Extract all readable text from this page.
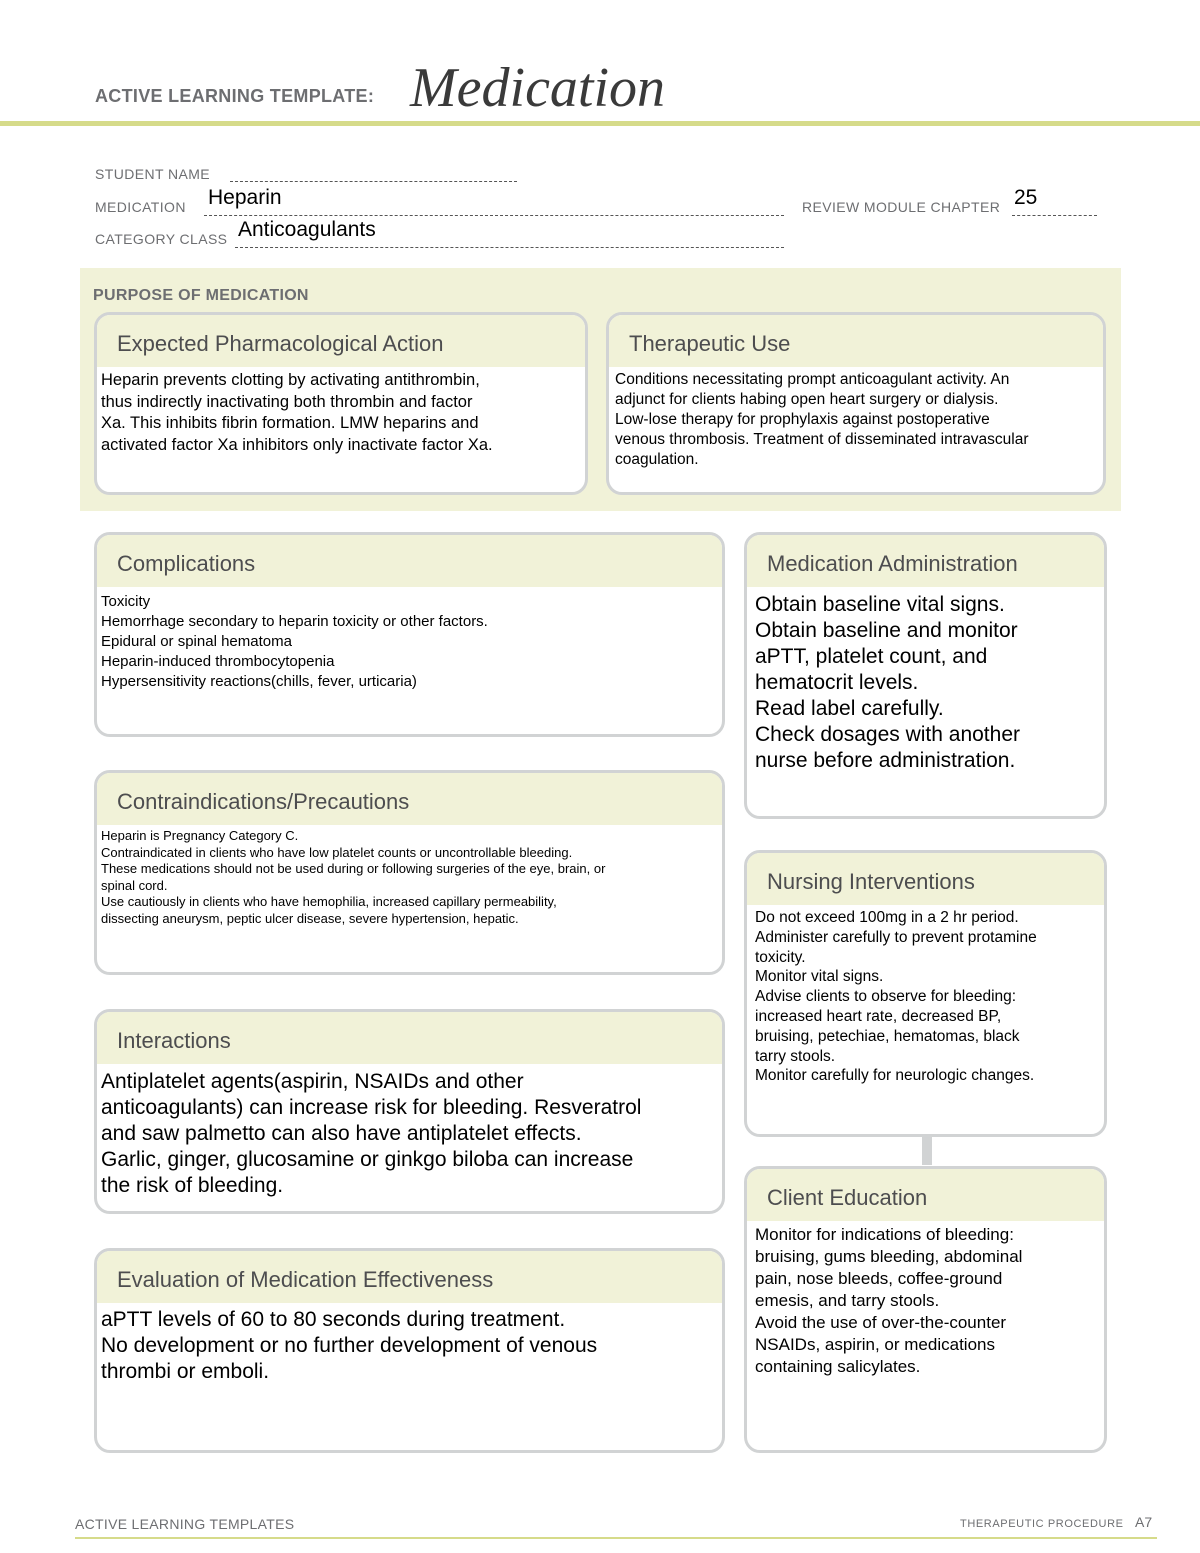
ACTIVE LEARNING TEMPLATE: Medication
STUDENT NAME
MEDICATION Heparin	REVIEW MODULE CHAPTER 25
CATEGORY CLASS Anticoagulants
PURPOSE OF MEDICATION
Expected Pharmacological Action
Heparin prevents clotting by activating antithrombin,
thus indirectly inactivating both thrombin and factor
Xa. This inhibits fibrin formation. LMW heparins and
activated factor Xa inhibitors only inactivate factor Xa.
Therapeutic Use
Conditions necessitating prompt anticoagulant activity. An
adjunct for clients habing open heart surgery or dialysis.
Low-lose therapy for prophylaxis against postoperative
venous thrombosis. Treatment of disseminated intravascular
coagulation.
Complications
Toxicity
Hemorrhage secondary to heparin toxicity or other factors.
Epidural or spinal hematoma
Heparin-induced thrombocytopenia
Hypersensitivity reactions(chills, fever, urticaria)
Contraindications/Precautions
Heparin is Pregnancy Category C.
Contraindicated in clients who have low platelet counts or uncontrollable bleeding.
These medications should not be used during or following surgeries of the eye, brain, or
spinal cord.
Use cautiously in clients who have hemophilia, increased capillary permeability,
dissecting aneurysm, peptic ulcer disease, severe hypertension, hepatic.
Interactions
Antiplatelet agents(aspirin, NSAIDs and other
anticoagulants) can increase risk for bleeding. Resveratrol
and saw palmetto can also have antiplatelet effects.
Garlic, ginger, glucosamine or ginkgo biloba can increase
the risk of bleeding.
Evaluation of Medication Effectiveness
aPTT levels of 60 to 80 seconds during treatment.
No development or no further development of venous
thrombi or emboli.
Medication Administration
Obtain baseline vital signs.
Obtain baseline and monitor
aPTT, platelet count, and
hematocrit levels.
Read label carefully.
Check dosages with another
nurse before administration.
Nursing Interventions
Do not exceed 100mg in a 2 hr period.
Administer carefully to prevent protamine
toxicity.
Monitor vital signs.
Advise clients to observe for bleeding:
increased heart rate, decreased BP,
bruising, petechiae, hematomas, black
tarry stools.
Monitor carefully for neurologic changes.
Client Education
Monitor for indications of bleeding:
bruising, gums bleeding, abdominal
pain, nose bleeds, coffee-ground
emesis, and tarry stools.
Avoid the use of over-the-counter
NSAIDs, aspirin, or medications
containing salicylates.
ACTIVE LEARNING TEMPLATES	THERAPEUTIC PROCEDURE A7
